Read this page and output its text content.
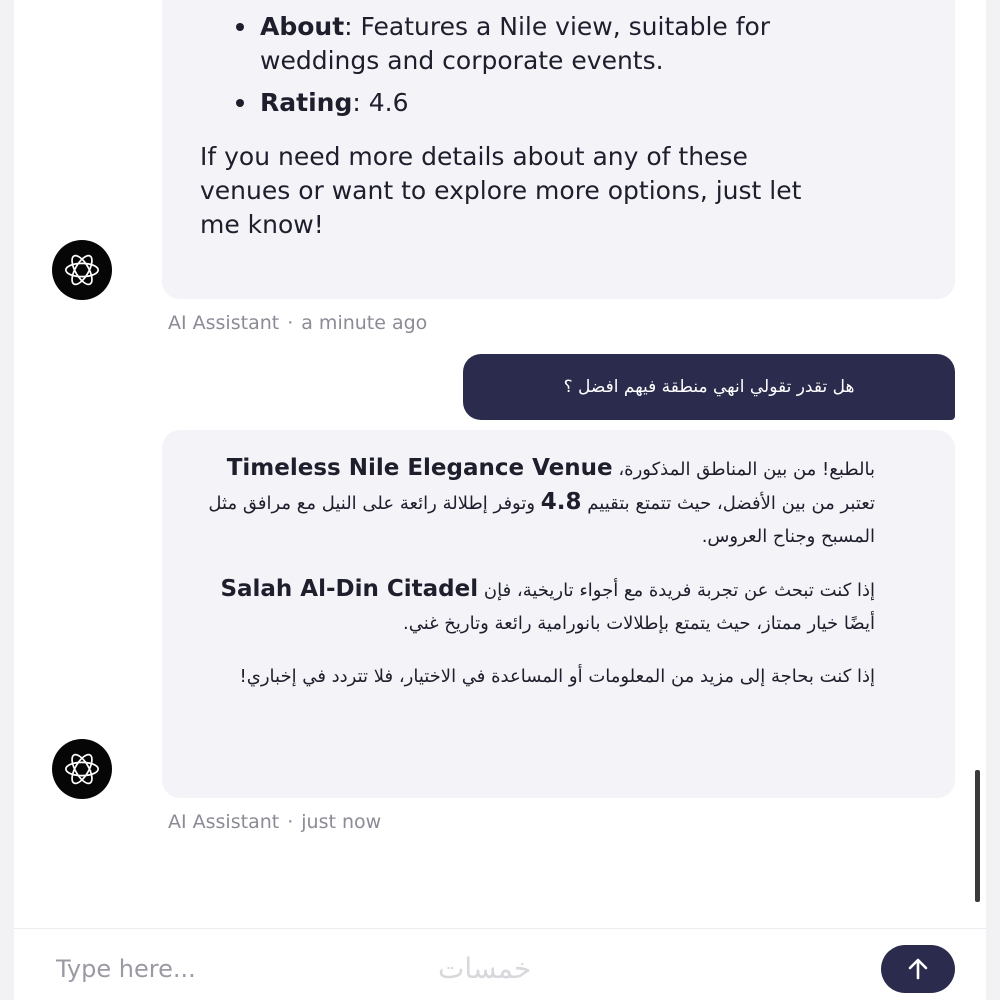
About: Features a Nile view, suitable for weddings and corporate events.
Rating: 4.6
If you need more details about any of these venues or want to explore more options, just let me know!
AI Assistant · a minute ago
هل تقدر تقولي انهي منطقة فيهم افضل ؟

بالطبع! من بين المناطق المذكورة، Timeless Nile Elegance Venue تعتبر من بين الأفضل، حيث تتمتع بتقييم 4.8 وتوفر إطلالة رائعة على النيل مع مرافق مثل المسبح وجناح العروس.

إذا كنت تبحث عن تجربة فريدة مع أجواء تاريخية، فإن Salah Al-Din Citadel أيضًا خيار ممتاز، حيث يتمتع بإطلالات بانورامية رائعة وتاريخ غني.

إذا كنت بحاجة إلى مزيد من المعلومات أو المساعدة في الاختيار، فلا تتردد في إخباري!

AI Assistant · just now
Type here...
خمسات
